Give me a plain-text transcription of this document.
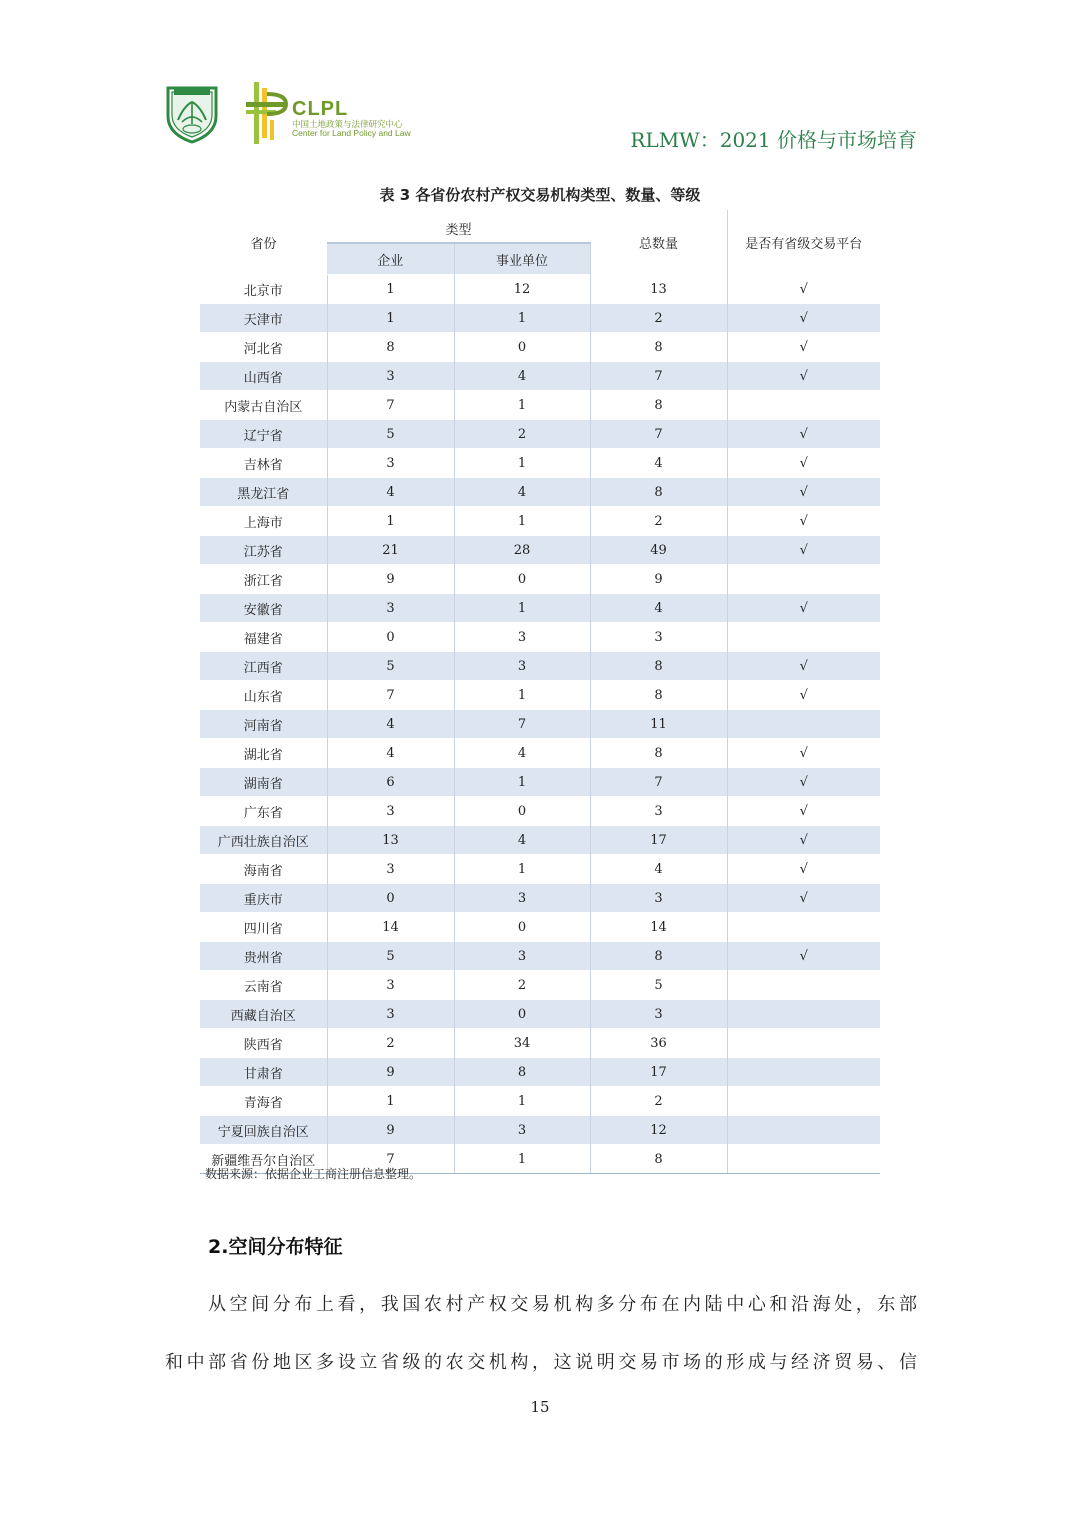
CLPL
中国土地政策与法律研究中心
Center for Land Policy and Law	RLMW：2021 价格与市场培育
表 3 各省份农村产权交易机构类型、数量、等级
省份	类型		总数量	是否有省级交易平台
	企业	事业单位		
北京市	1	12	13	√
天津市	1	1	2	√
河北省	8	0	8	√
山西省	3	4	7	√
内蒙古自治区	7	1	8	
辽宁省	5	2	7	√
吉林省	3	1	4	√
黑龙江省	4	4	8	√
上海市	1	1	2	√
江苏省	21	28	49	√
浙江省	9	0	9	
安徽省	3	1	4	√
福建省	0	3	3	
江西省	5	3	8	√
山东省	7	1	8	√
河南省	4	7	11	
湖北省	4	4	8	√
湖南省	6	1	7	√
广东省	3	0	3	√
广西壮族自治区	13	4	17	√
海南省	3	1	4	√
重庆市	0	3	3	√
四川省	14	0	14	
贵州省	5	3	8	√
云南省	3	2	5	
西藏自治区	3	0	3	
陕西省	2	34	36	
甘肃省	9	8	17	
青海省	1	1	2	
宁夏回族自治区	9	3	12	
新疆维吾尔自治区	7	1	8	
数据来源：依据企业工商注册信息整理。
2.空间分布特征
从空间分布上看，我国农村产权交易机构多分布在内陆中心和沿海处，东部
和中部省份地区多设立省级的农交机构，这说明交易市场的形成与经济贸易、信
15
